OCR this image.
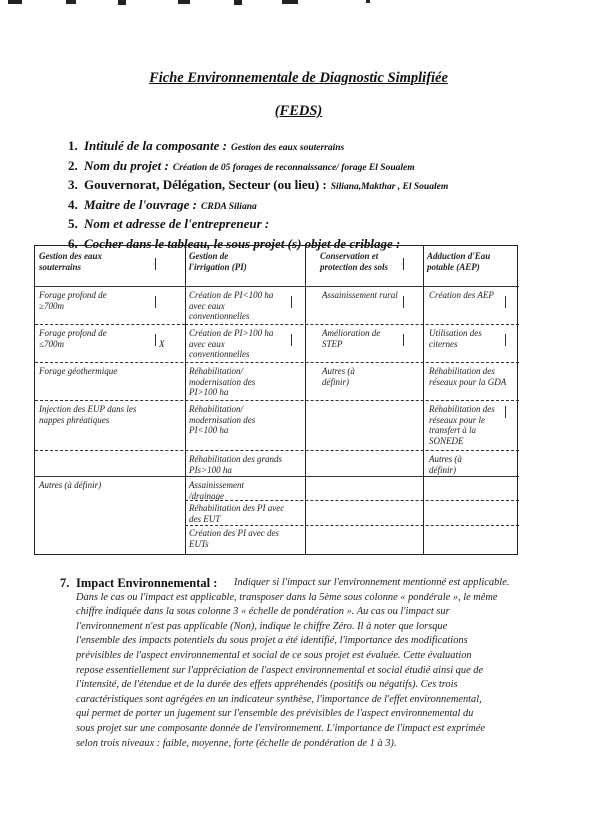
Fiche Environnementale de Diagnostic Simplifiée
(FEDS)
1. Intitulé de la composante : Gestion des eaux souterrains
2. Nom du projet : Création de 05 forages de reconnaissance/ forage El Soualem
3. Gouvernorat, Délégation, Secteur (ou lieu) : Siliana,Makthar , El Soualem
4. Maitre de l'ouvrage : CRDA Siliana
5. Nom et adresse de l'entrepreneur :
6. Cocher dans le tableau, le sous projet (s) objet de criblage :
Gestion des eaux souterrains
Gestion de l'irrigation (PI)
Conservation et protection des sols
Adduction d'Eau potable (AEP)
Forage profond de ≥700m
Forage profond de ≤700m	X
Forage géothermique
Injection des EUP dans les nappes phréatiques
Autres (à définir)
Création de PI<100 ha avec eaux conventionnelles
Création de PI>100 ha avec eaux conventionnelles
Réhabilitation/ modernisation des PI>100 ha
Réhabilitation/ modernisation des PI<100 ha
Réhabilitation des grands PIs>100 ha
Assainissement /drainage
Réhabilitation des PI avec des EUT
Création des PI avec des EUTs
Assainissement rural
Amélioration de STEP
Autres (à définir)
Création des AEP
Utilisation des citernes
Réhabilitation des réseaux pour la GDA
Réhabilitation des réseaux pour le transfert à la SONEDE
Autres (à définir)
7. Impact Environnemental :	Indiquer si l'impact sur l'environnement mentionné est applicable.
Dans le cas ou l'impact est applicable, transposer dans la 5ème sous colonne « pondérale », le même
chiffre indiquée dans la sous colonne 3 « échelle de pondération ». Au cas ou l'impact sur
l'environnement n'est pas applicable (Non), indique le chiffre Zéro. Il à noter que lorsque
l'ensemble des impacts potentiels du sous projet a été identifié, l'importance des modifications
prévisibles de l'aspect environnemental et social de ce sous projet est évaluée. Cette évaluation
repose essentiellement sur l'appréciation de l'aspect environnemental et social étudié ainsi que de
l'intensité, de l'étendue et de la durée des effets appréhendés (positifs ou négatifs). Ces trois
caractéristiques sont agrégées en un indicateur synthèse, l'importance de l'effet environnemental,
qui permet de porter un jugement sur l'ensemble des prévisibles de l'aspect environnemental du
sous projet sur une composante donnée de l'environnement. L'importance de l'impact est exprimée
selon trois niveaux : faible, moyenne, forte (échelle de pondération de 1 à 3).
